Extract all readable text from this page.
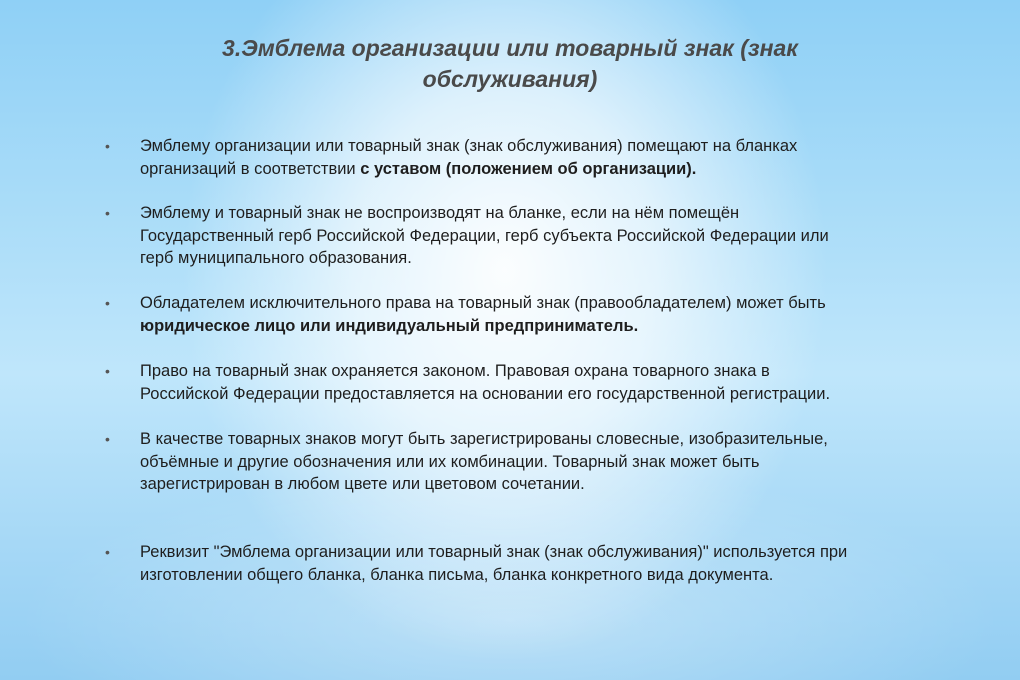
3.Эмблема организации или товарный знак (знак
обслуживания)
• Эмблему организации или товарный знак (знак обслуживания) помещают на бланках
организаций в соответствии с уставом (положением об организации).
• Эмблему и товарный знак не воспроизводят на бланке, если на нём помещён
Государственный герб Российской Федерации, герб субъекта Российской Федерации или
герб муниципального образования.
• Обладателем исключительного права на товарный знак (правообладателем) может быть
юридическое лицо или индивидуальный предприниматель.
• Право на товарный знак охраняется законом. Правовая охрана товарного знака в
Российской Федерации предоставляется на основании его государственной регистрации.
• В качестве товарных знаков могут быть зарегистрированы словесные, изобразительные,
объёмные и другие обозначения или их комбинации. Товарный знак может быть
зарегистрирован в любом цвете или цветовом сочетании.
• Реквизит "Эмблема организации или товарный знак (знак обслуживания)" используется при
изготовлении общего бланка, бланка письма, бланка конкретного вида документа.
